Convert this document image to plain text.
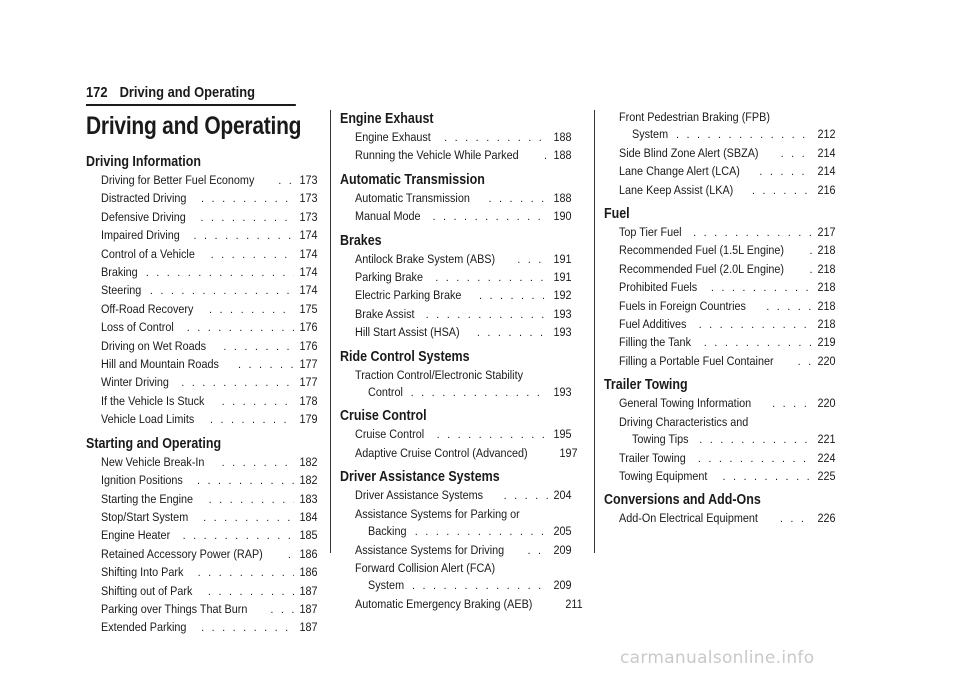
172 Driving and Operating
Driving and Operating
Driving Information
Driving for Better Fuel Economy . . .	173
Distracted Driving . . .	173
Defensive Driving . . .	173
Impaired Driving . . .	174
Control of a Vehicle . . .	174
Braking . . .	174
Steering . . .	174
Off-Road Recovery . . .	175
Loss of Control . . .	176
Driving on Wet Roads . . .	176
Hill and Mountain Roads . . .	177
Winter Driving . . .	177
If the Vehicle Is Stuck . . .	178
Vehicle Load Limits . . .	179
Starting and Operating
New Vehicle Break-In . . .	182
Ignition Positions . . .	182
Starting the Engine . . .	183
Stop/Start System . . .	184
Engine Heater . . .	185
Retained Accessory Power (RAP) . . .	186
Shifting Into Park . . .	186
Shifting out of Park . . .	187
Parking over Things That Burn . . .	187
Extended Parking . . .	187
Engine Exhaust
Engine Exhaust . . .	188
Running the Vehicle While Parked . . .	188
Automatic Transmission
Automatic Transmission . . .	188
Manual Mode . . .	190
Brakes
Antilock Brake System (ABS) . . .	191
Parking Brake . . .	191
Electric Parking Brake . . .	192
Brake Assist . . .	193
Hill Start Assist (HSA) . . .	193
Ride Control Systems
Traction Control/Electronic Stability
Control . . .	193
Cruise Control
Cruise Control . . .	195
Adaptive Cruise Control (Advanced)	197
Driver Assistance Systems
Driver Assistance Systems . . .	204
Assistance Systems for Parking or
Backing . . .	205
Assistance Systems for Driving . . .	209
Forward Collision Alert (FCA)
System . . .	209
Automatic Emergency Braking (AEB)	211
Front Pedestrian Braking (FPB)
System . . .	212
Side Blind Zone Alert (SBZA) . . .	214
Lane Change Alert (LCA) . . .	214
Lane Keep Assist (LKA) . . .	216
Fuel
Top Tier Fuel . . .	217
Recommended Fuel (1.5L Engine) . . .	218
Recommended Fuel (2.0L Engine) . . .	218
Prohibited Fuels . . .	218
Fuels in Foreign Countries . . .	218
Fuel Additives . . .	218
Filling the Tank . . .	219
Filling a Portable Fuel Container . . .	220
Trailer Towing
General Towing Information . . .	220
Driving Characteristics and
Towing Tips . . .	221
Trailer Towing . . .	224
Towing Equipment . . .	225
Conversions and Add-Ons
Add-On Electrical Equipment . . .	226
carmanualsonline.info
